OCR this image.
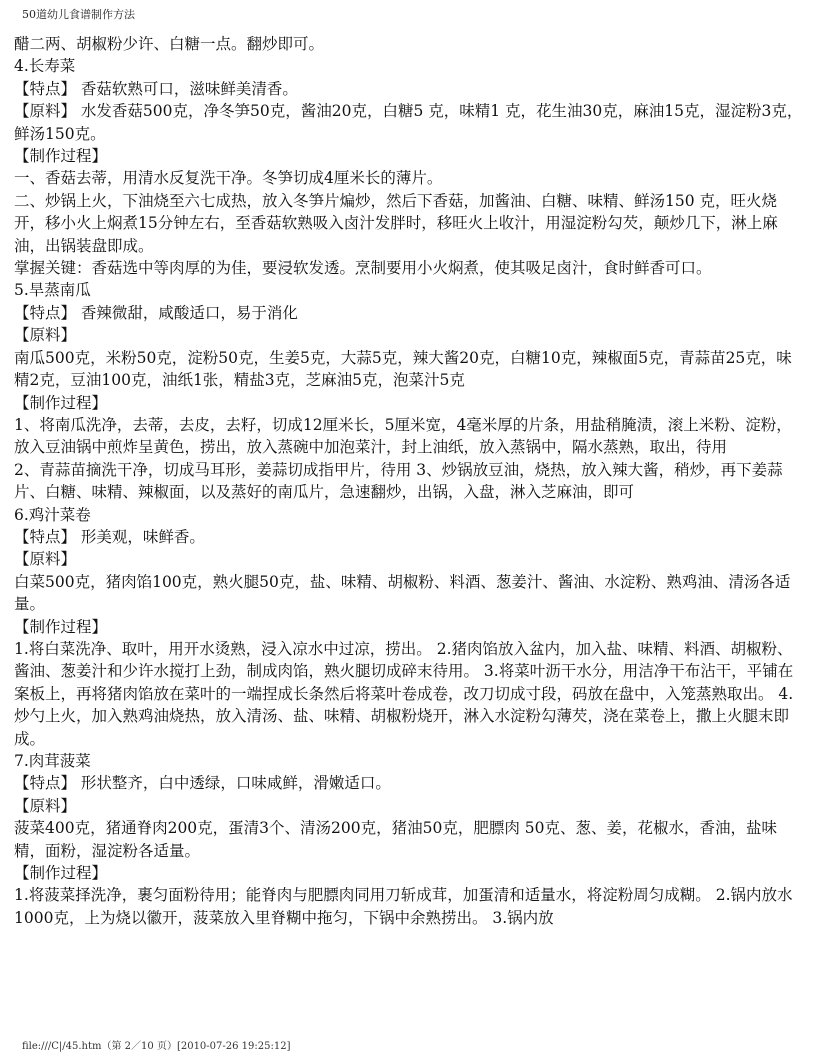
50道幼儿食谱制作方法

醋二两、胡椒粉少许、白糖一点。翻炒即可。

4.长寿菜

【特点】 香菇软熟可口，滋味鲜美清香。

【原料】 水发香菇500克，净冬笋50克，酱油20克，白糖5 克，味精1 克，花生油30克，麻油15克，湿淀粉3克，鲜汤150克。

【制作过程】

一、香菇去蒂，用清水反复洗干净。冬笋切成4厘米长的薄片。

二、炒锅上火，下油烧至六七成热，放入冬笋片煸炒，然后下香菇，加酱油、白糖、味精、鲜汤150 克，旺火烧开，移小火上焖煮15分钟左右，至香菇软熟吸入卤汁发胖时，移旺火上收汁，用湿淀粉勾芡，颠炒几下，淋上麻油，出锅装盘即成。

掌握关键：香菇选中等肉厚的为佳，要浸软发透。烹制要用小火焖煮，使其吸足卤汁，食时鲜香可口。

5.旱蒸南瓜

【特点】 香辣微甜，咸酸适口，易于消化

【原料】

南瓜500克，米粉50克，淀粉50克，生姜5克，大蒜5克，辣大酱20克，白糖10克，辣椒面5克，青蒜苗25克，味精2克，豆油100克，油纸1张，精盐3克，芝麻油5克，泡菜汁5克

【制作过程】

1、将南瓜洗净，去蒂，去皮，去籽，切成12厘米长，5厘米宽，4毫米厚的片条，用盐稍腌渍，滚上米粉、淀粉，放入豆油锅中煎炸呈黄色，捞出，放入蒸碗中加泡菜汁，封上油纸，放入蒸锅中，隔水蒸熟，取出，待用

2、青蒜苗摘洗干净，切成马耳形，姜蒜切成指甲片，待用 3、炒锅放豆油，烧热，放入辣大酱，稍炒，再下姜蒜片、白糖、味精、辣椒面，以及蒸好的南瓜片，急速翻炒，出锅，入盘，淋入芝麻油，即可

6.鸡汁菜卷

【特点】 形美观，味鲜香。

【原料】

白菜500克，猪肉馅100克，熟火腿50克，盐、味精、胡椒粉、料酒、葱姜汁、酱油、水淀粉、熟鸡油、清汤各适量。

【制作过程】

1.将白菜洗净、取叶，用开水烫熟，浸入凉水中过凉，捞出。 2.猪肉馅放入盆内，加入盐、味精、料酒、胡椒粉、酱油、葱姜汁和少许水搅打上劲，制成肉馅，熟火腿切成碎末待用。 3.将菜叶沥干水分，用洁净干布沾干，平铺在案板上，再将猪肉馅放在菜叶的一端捏成长条然后将菜叶卷成卷，改刀切成寸段，码放在盘中，入笼蒸熟取出。 4.炒勺上火，加入熟鸡油烧热，放入清汤、盐、味精、胡椒粉烧开，淋入水淀粉勾薄芡，浇在菜卷上，撒上火腿末即成。

7.肉茸菠菜

【特点】 形状整齐，白中透绿，口味咸鲜，滑嫩适口。

【原料】

菠菜400克，猪通脊肉200克，蛋清3个、清汤200克，猪油50克，肥膘肉 50克、葱、姜，花椒水，香油，盐味精，面粉，湿淀粉各适量。

【制作过程】

1.将菠菜择洗净，裹匀面粉待用；能脊肉与肥膘肉同用刀斩成茸，加蛋清和适量水，将淀粉周匀成糊。 2.锅内放水1000克，上为烧以徽开，菠菜放入里脊糊中拖匀，下锅中余熟捞出。 3.锅内放

file:///C|/45.htm（第 2／10 页）[2010-07-26 19:25:12]
